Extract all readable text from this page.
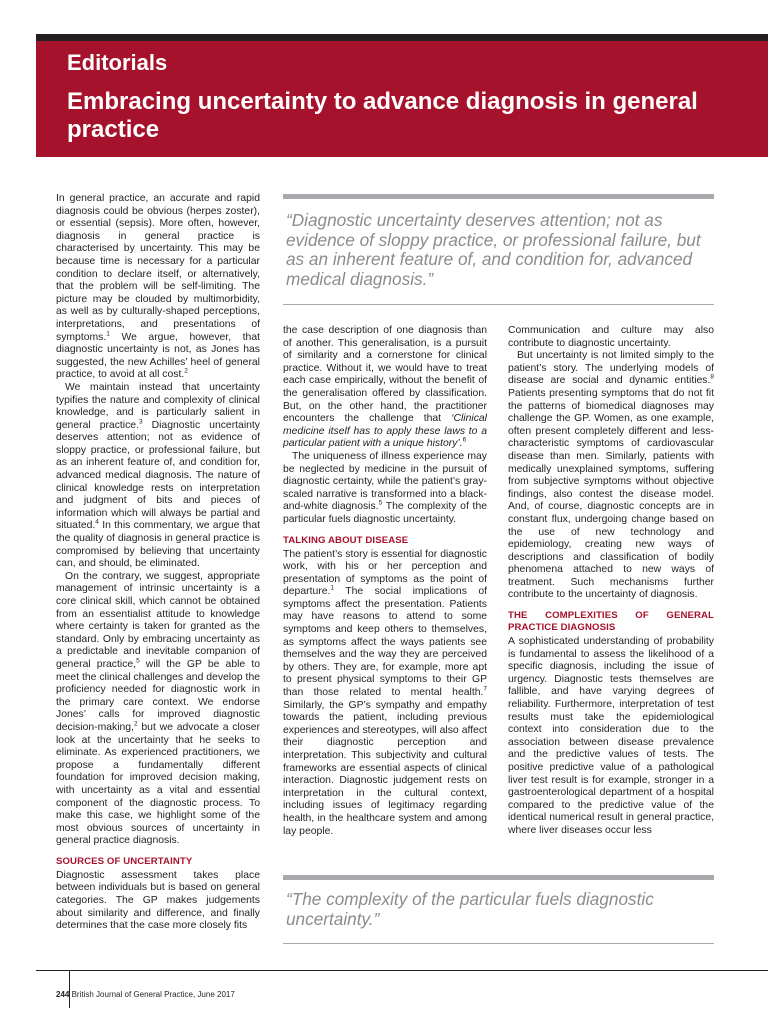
Editorials
Embracing uncertainty to advance diagnosis in general practice

In general practice, an accurate and rapid diagnosis could be obvious (herpes zoster), or essential (sepsis). More often, however, diagnosis in general practice is characterised by uncertainty. This may be because time is necessary for a particular condition to declare itself, or alternatively, that the problem will be self-limiting. The picture may be clouded by multimorbidity, as well as by culturally-shaped perceptions, interpretations, and presentations of symptoms.$^1$ We argue, however, that diagnostic uncertainty is not, as Jones has suggested, the new Achilles’ heel of general practice, to avoid at all cost.$^2$

We maintain instead that uncertainty typifies the nature and complexity of clinical knowledge, and is particularly salient in general practice.$^3$ Diagnostic uncertainty deserves attention; not as evidence of sloppy practice, or professional failure, but as an inherent feature of, and condition for, advanced medical diagnosis. The nature of clinical knowledge rests on interpretation and judgment of bits and pieces of information which will always be partial and situated.$^4$ In this commentary, we argue that the quality of diagnosis in general practice is compromised by believing that uncertainty can, and should, be eliminated.

On the contrary, we suggest, appropriate management of intrinsic uncertainty is a core clinical skill, which cannot be obtained from an essentialist attitude to knowledge where certainty is taken for granted as the standard. Only by embracing uncertainty as a predictable and inevitable companion of general practice,$^5$ will the GP be able to meet the clinical challenges and develop the proficiency needed for diagnostic work in the primary care context. We endorse Jones’ calls for improved diagnostic decision-making,$^2$ but we advocate a closer look at the uncertainty that he seeks to eliminate. As experienced practitioners, we propose a fundamentally different foundation for improved decision making, with uncertainty as a vital and essential component of the diagnostic process. To make this case, we highlight some of the most obvious sources of uncertainty in general practice diagnosis.

SOURCES OF UNCERTAINTY

Diagnostic assessment takes place between individuals but is based on general categories. The GP makes judgements about similarity and difference, and finally determines that the case more closely fits

“Diagnostic uncertainty deserves attention; not as evidence of sloppy practice, or professional failure, but as an inherent feature of, and condition for, advanced medical diagnosis.”

the case description of one diagnosis than of another. This generalisation, is a pursuit of similarity and a cornerstone for clinical practice. Without it, we would have to treat each case empirically, without the benefit of the generalisation offered by classification. But, on the other hand, the practitioner encounters the challenge that ‘Clinical medicine itself has to apply these laws to a particular patient with a unique history’.$^6$

The uniqueness of illness experience may be neglected by medicine in the pursuit of diagnostic certainty, while the patient’s gray-scaled narrative is transformed into a black-and-white diagnosis.$^5$ The complexity of the particular fuels diagnostic uncertainty.

TALKING ABOUT DISEASE

The patient’s story is essential for diagnostic work, with his or her perception and presentation of symptoms as the point of departure.$^1$ The social implications of symptoms affect the presentation. Patients may have reasons to attend to some symptoms and keep others to themselves, as symptoms affect the ways patients see themselves and the way they are perceived by others. They are, for example, more apt to present physical symptoms to their GP than those related to mental health.$^7$ Similarly, the GP’s sympathy and empathy towards the patient, including previous experiences and stereotypes, will also affect their diagnostic perception and interpretation. This subjectivity and cultural frameworks are essential aspects of clinical interaction. Diagnostic judgement rests on interpretation in the cultural context, including issues of legitimacy regarding health, in the healthcare system and among lay people.

Communication and culture may also contribute to diagnostic uncertainty.

But uncertainty is not limited simply to the patient’s story. The underlying models of disease are social and dynamic entities.$^8$ Patients presenting symptoms that do not fit the patterns of biomedical diagnoses may challenge the GP. Women, as one example, often present completely different and less-characteristic symptoms of cardiovascular disease than men. Similarly, patients with medically unexplained symptoms, suffering from subjective symptoms without objective findings, also contest the disease model. And, of course, diagnostic concepts are in constant flux, undergoing change based on the use of new technology and epidemiology, creating new ways of descriptions and classification of bodily phenomena attached to new ways of treatment. Such mechanisms further contribute to the uncertainty of diagnosis.

THE COMPLEXITIES OF GENERAL PRACTICE DIAGNOSIS

A sophisticated understanding of probability is fundamental to assess the likelihood of a specific diagnosis, including the issue of urgency. Diagnostic tests themselves are fallible, and have varying degrees of reliability. Furthermore, interpretation of test results must take the epidemiological context into consideration due to the association between disease prevalence and the predictive values of tests. The positive predictive value of a pathological liver test result is for example, stronger in a gastroenterological department of a hospital compared to the predictive value of the identical numerical result in general practice, where liver diseases occur less

“The complexity of the particular fuels diagnostic uncertainty.”
244 British Journal of General Practice, June 2017
